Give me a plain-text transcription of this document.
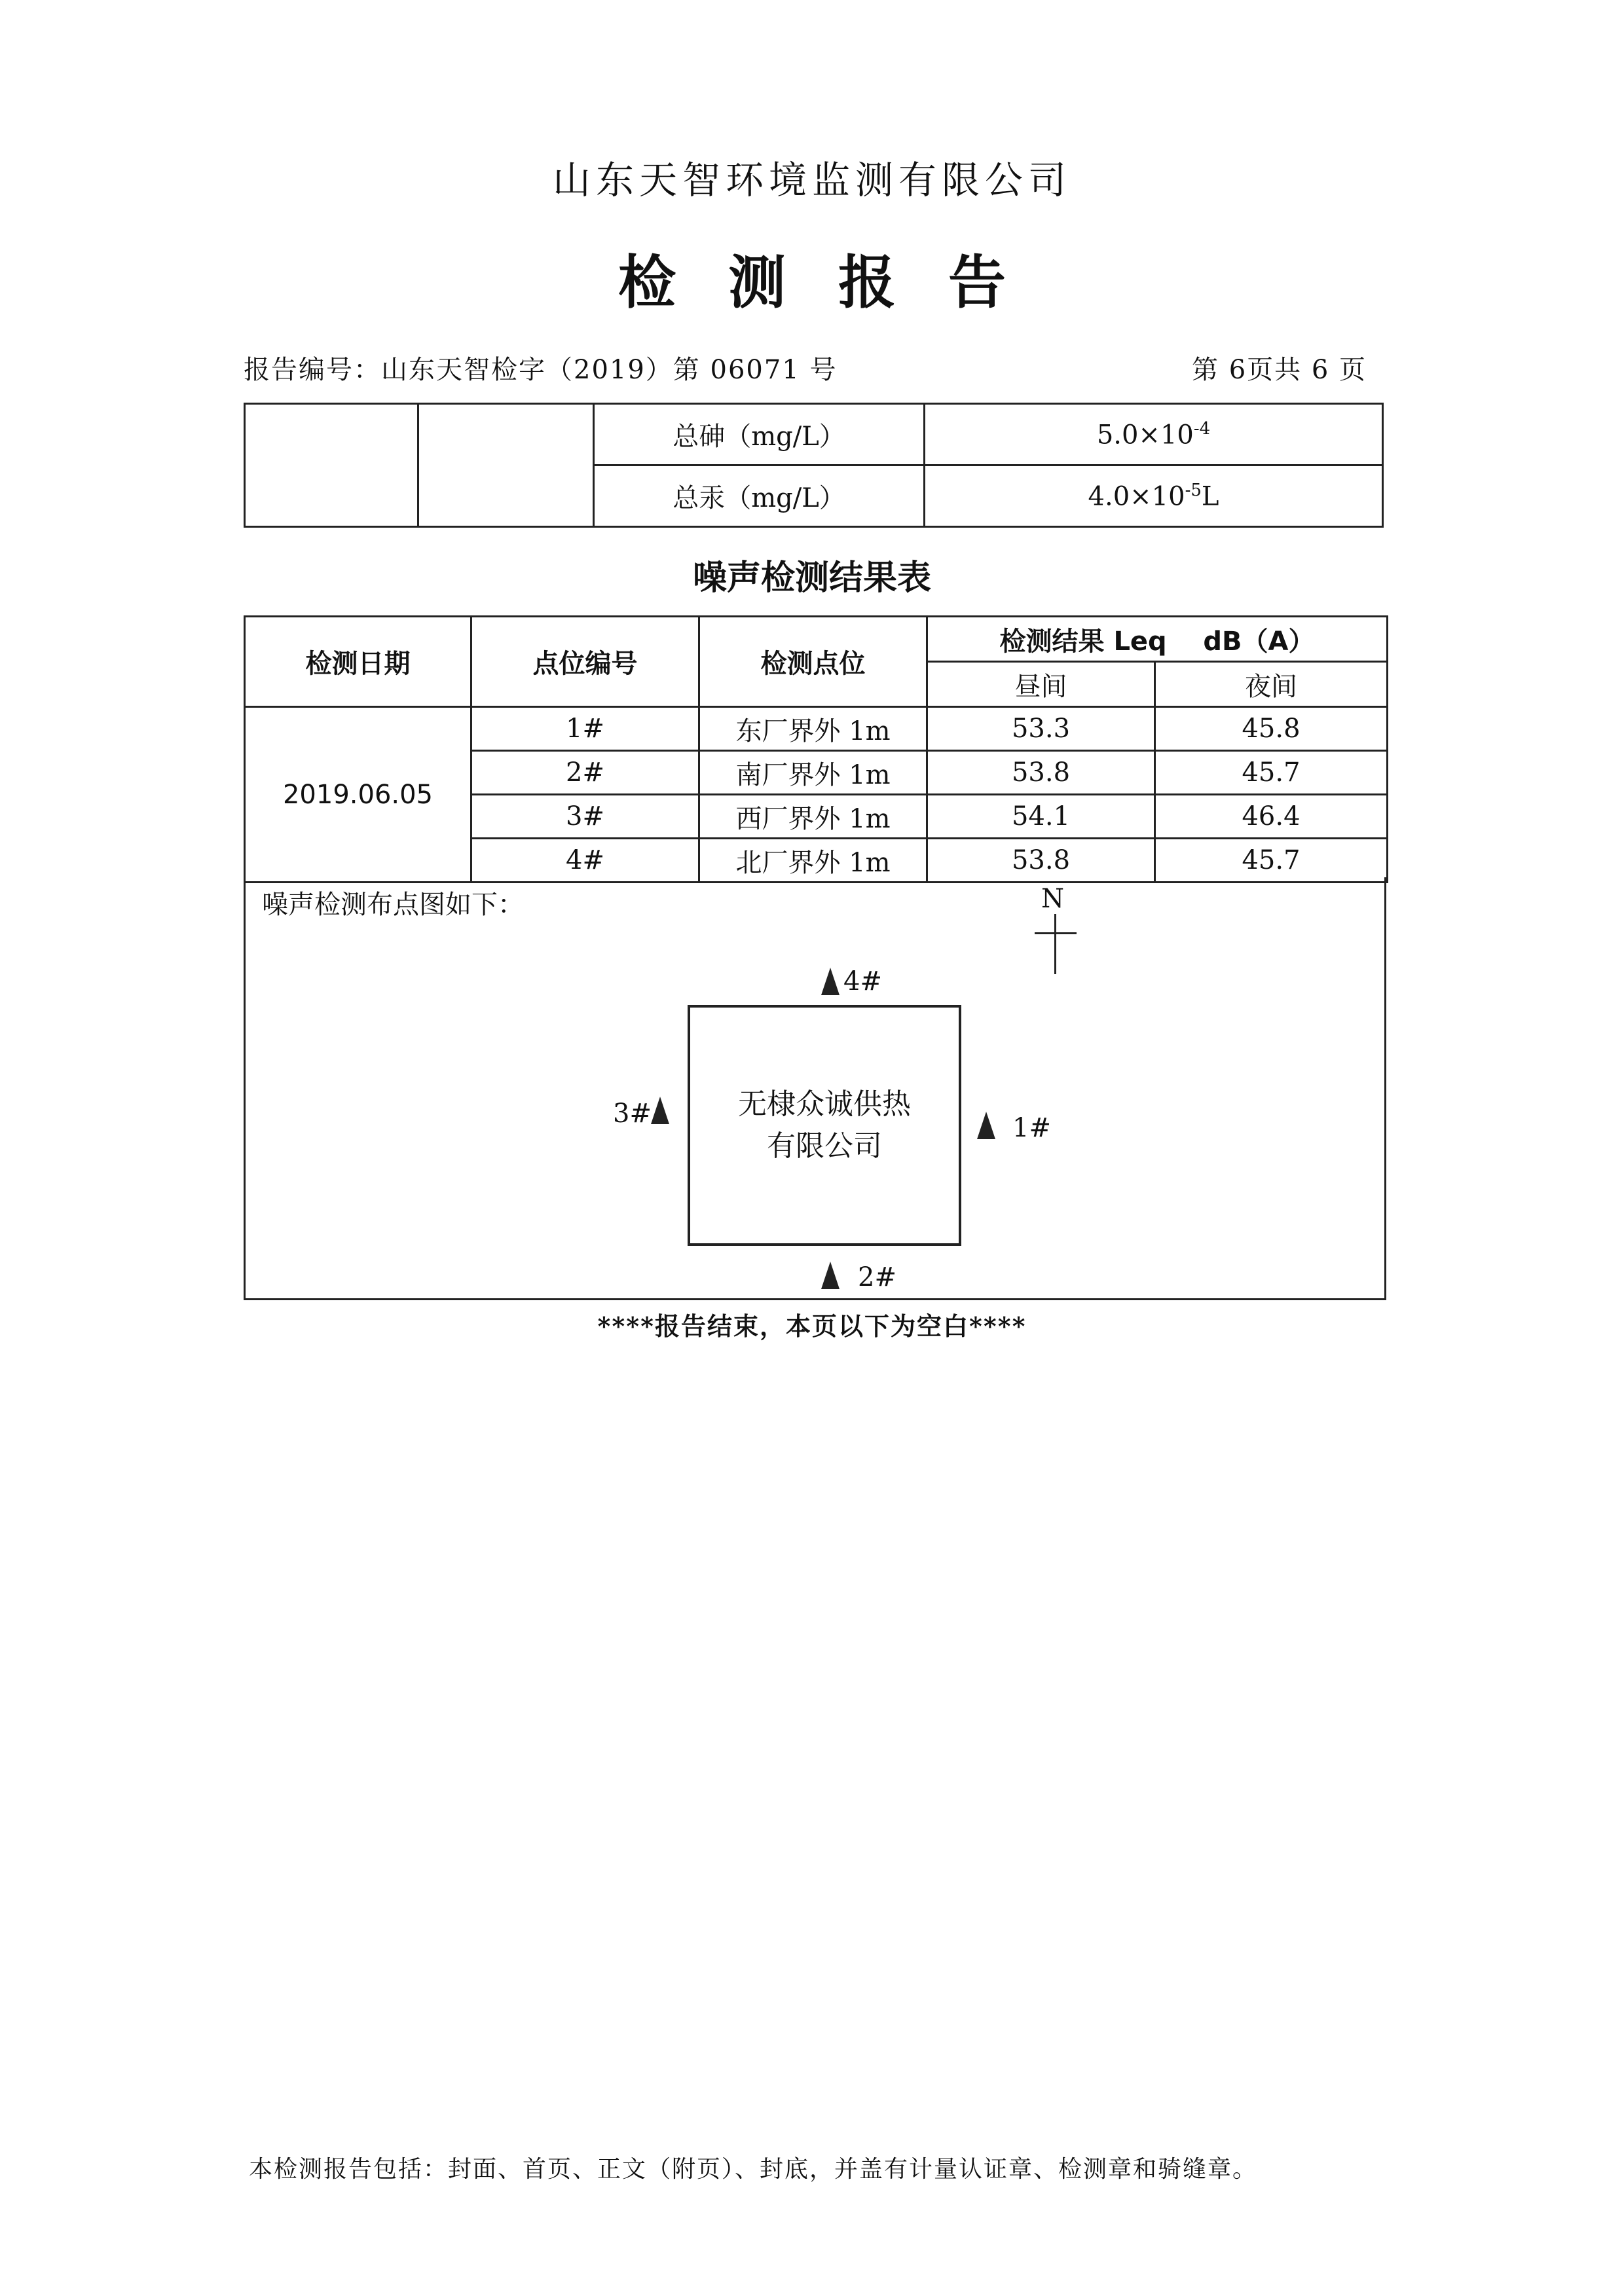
山东天智环境监测有限公司
检测报告
报告编号：山东天智检字（2019）第 06071 号	第 6页共 6 页
		总砷（mg/L）	$5.0\times 10^{-4}$
		总汞（mg/L）	$4.0\times 10^{-5}L$
噪声检测结果表
检测日期	点位编号	检测点位	检测结果 Leq    dB（A）	
			昼间	夜间
2019.06.05	1#	东厂界外 1m	53.3	45.8
	2#	南厂界外 1m	53.8	45.7
	3#	西厂界外 1m	54.1	46.4
	4#	北厂界外 1m	53.8	45.7
噪声检测布点图如下：	N
无棣众诚供热有限公司
4#
2#
3#	1#
****报告结束，本页以下为空白****
本检测报告包括：封面、首页、正文（附页）、封底，并盖有计量认证章、检测章和骑缝章。
